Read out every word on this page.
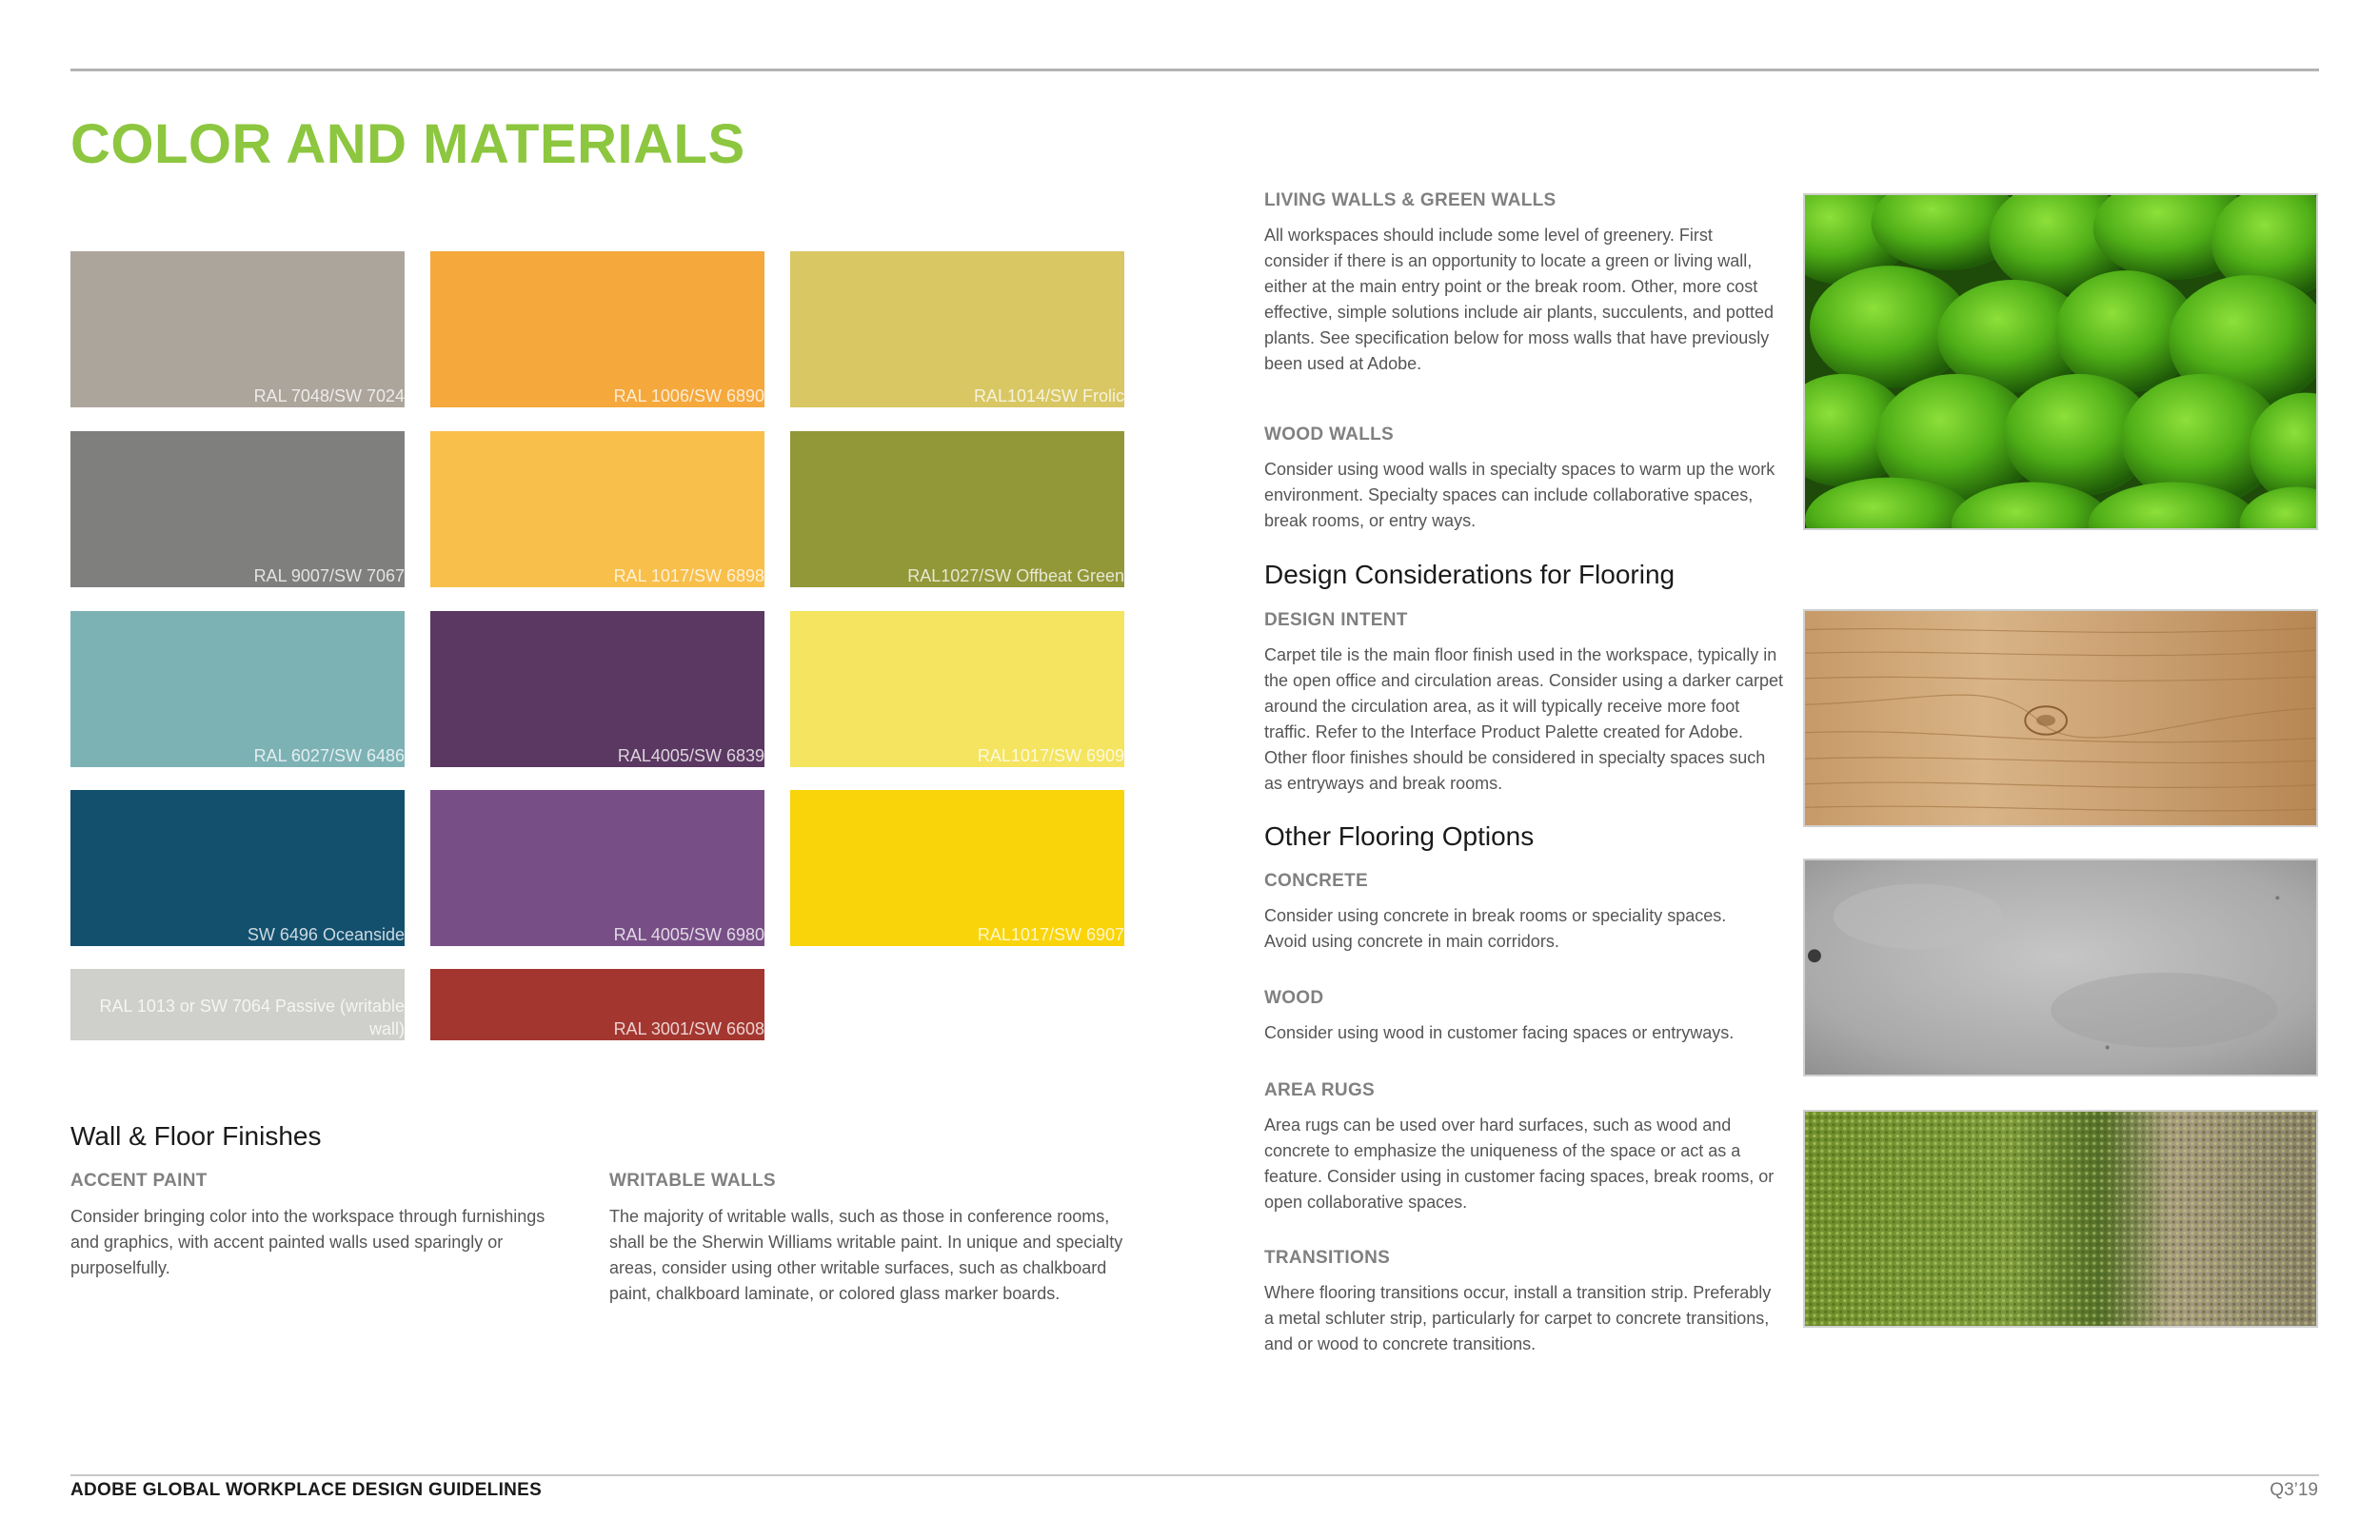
COLOR AND MATERIALS
RAL 7048/SW 7024	RAL 1006/SW 6890	RAL1014/SW Frolic
RAL 9007/SW 7067	RAL 1017/SW 6898	RAL1027/SW Offbeat Green
RAL 6027/SW 6486	RAL4005/SW 6839	RAL1017/SW 6909
SW 6496 Oceanside	RAL 4005/SW 6980	RAL1017/SW 6907
RAL 1013 or SW 7064 Passive (writable wall)	RAL 3001/SW 6608
Wall & Floor Finishes
ACCENT PAINT

Consider bringing color into the workspace through furnishings and graphics, with accent painted walls used sparingly or purposelfully.

WRITABLE WALLS

The majority of writable walls, such as those in conference rooms, shall be the Sherwin Williams writable paint. In unique and specialty areas, consider using other writable surfaces, such as chalkboard paint, chalkboard laminate, or colored glass marker boards.

LIVING WALLS & GREEN WALLS

All workspaces should include some level of greenery. First consider if there is an opportunity to locate a green or living wall, either at the main entry point or the break room. Other, more cost effective, simple solutions include air plants, succulents, and potted plants. See specification below for moss walls that have previously been used at Adobe.

WOOD WALLS

Consider using wood walls in specialty spaces to warm up the work environment. Specialty spaces can include collaborative spaces, break rooms, or entry ways.

Design Considerations for Flooring
DESIGN INTENT

Carpet tile is the main floor finish used in the workspace, typically in the open office and circulation areas. Consider using a darker carpet around the circulation area, as it will typically receive more foot traffic. Refer to the Interface Product Palette created for Adobe. Other floor finishes should be considered in specialty spaces such as entryways and break rooms.

Other Flooring Options
CONCRETE

Consider using concrete in break rooms or speciality spaces. Avoid using concrete in main corridors.

WOOD

Consider using wood in customer facing spaces or entryways.

AREA RUGS

Area rugs can be used over hard surfaces, such as wood and concrete to emphasize the uniqueness of the space or act as a feature. Consider using in customer facing spaces, break rooms, or open collaborative spaces.

TRANSITIONS

Where flooring transitions occur, install a transition strip. Preferably a metal schluter strip, particularly for carpet to concrete transitions, and or wood to concrete transitions.

ADOBE GLOBAL WORKPLACE DESIGN GUIDELINES	Q3’19
